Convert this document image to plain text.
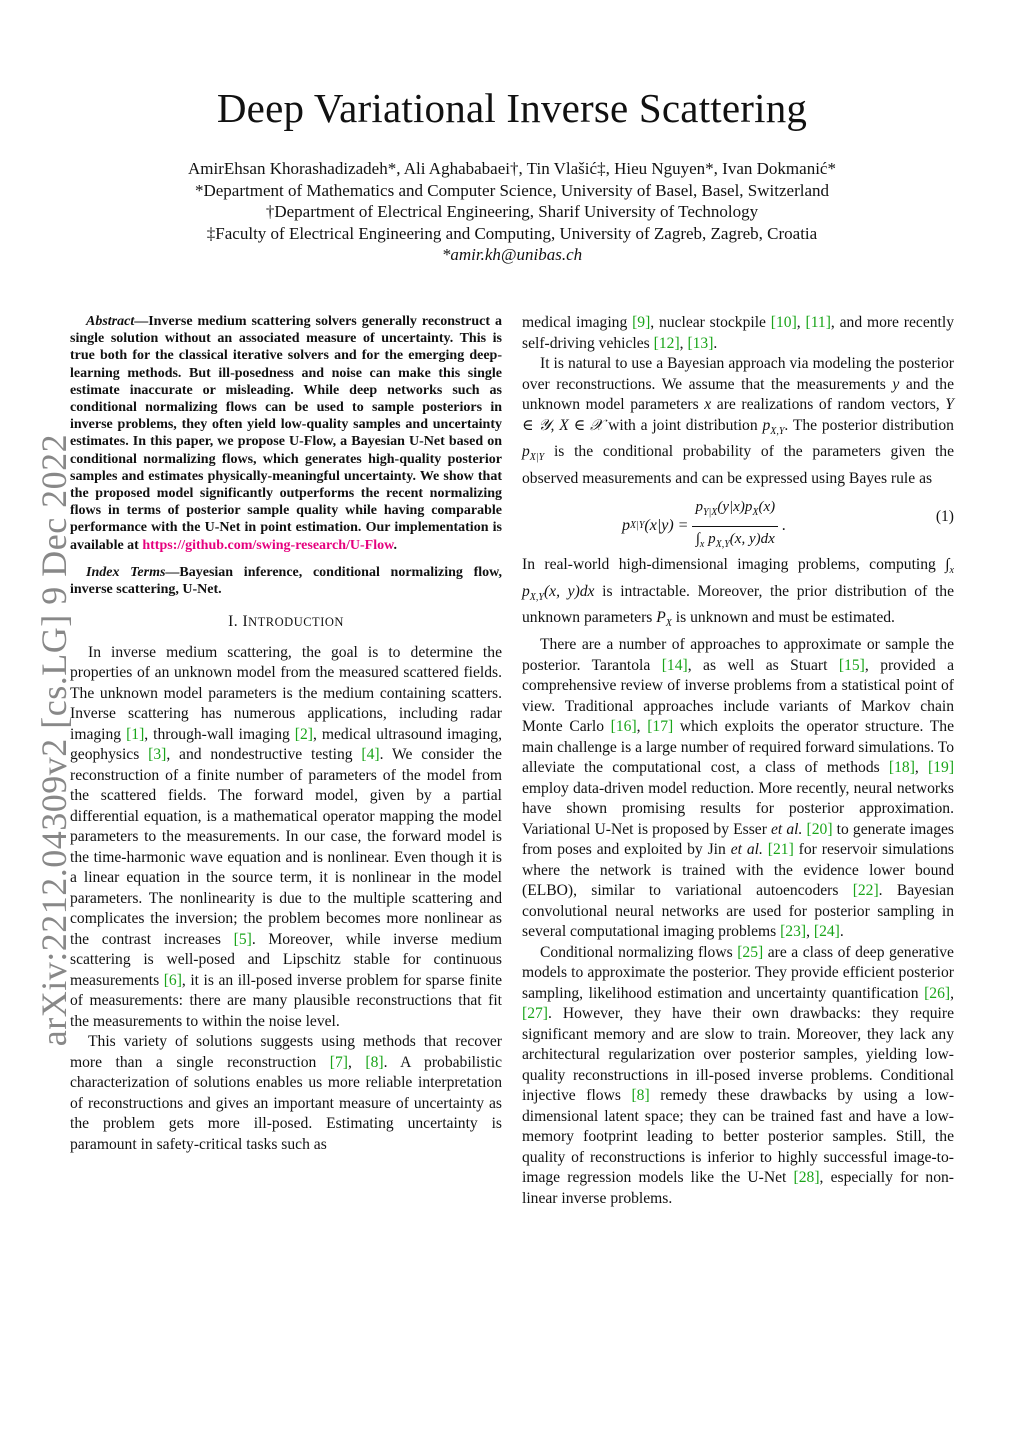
Deep Variational Inverse Scattering

AmirEhsan Khorashadizadeh*, Ali Aghababaei†, Tin Vlašić‡, Hieu Nguyen*, Ivan Dokmanić*

*Department of Mathematics and Computer Science, University of Basel, Basel, Switzerland

†Department of Electrical Engineering, Sharif University of Technology

‡Faculty of Electrical Engineering and Computing, University of Zagreb, Zagreb, Croatia

*amir.kh@unibas.ch

arXiv:2212.04309v2 [cs.LG] 9 Dec 2022

Abstract—Inverse medium scattering solvers generally reconstruct a single solution without an associated measure of uncertainty. This is true both for the classical iterative solvers and for the emerging deep-learning methods. But ill-posedness and noise can make this single estimate inaccurate or misleading. While deep networks such as conditional normalizing flows can be used to sample posteriors in inverse problems, they often yield low-quality samples and uncertainty estimates. In this paper, we propose U-Flow, a Bayesian U-Net based on conditional normalizing flows, which generates high-quality posterior samples and estimates physically-meaningful uncertainty. We show that the proposed model significantly outperforms the recent normalizing flows in terms of posterior sample quality while having comparable performance with the U-Net in point estimation. Our implementation is available at https://github.com/swing-research/U-Flow.

Index Terms—Bayesian inference, conditional normalizing flow, inverse scattering, U-Net.

I. INTRODUCTION

In inverse medium scattering, the goal is to determine the properties of an unknown model from the measured scattered fields. The unknown model parameters is the medium containing scatters. Inverse scattering has numerous applications, including radar imaging [1], through-wall imaging [2], medical ultrasound imaging, geophysics [3], and nondestructive testing [4]. We consider the reconstruction of a finite number of parameters of the model from the scattered fields. The forward model, given by a partial differential equation, is a mathematical operator mapping the model parameters to the measurements. In our case, the forward model is the time-harmonic wave equation and is nonlinear. Even though it is a linear equation in the source term, it is nonlinear in the model parameters. The nonlinearity is due to the multiple scattering and complicates the inversion; the problem becomes more nonlinear as the contrast increases [5]. Moreover, while inverse medium scattering is well-posed and Lipschitz stable for continuous measurements [6], it is an ill-posed inverse problem for sparse finite of measurements: there are many plausible reconstructions that fit the measurements to within the noise level.

This variety of solutions suggests using methods that recover more than a single reconstruction [7], [8]. A probabilistic characterization of solutions enables us more reliable interpretation of reconstructions and gives an important measure of uncertainty as the problem gets more ill-posed. Estimating uncertainty is paramount in safety-critical tasks such as

medical imaging [9], nuclear stockpile [10], [11], and more recently self-driving vehicles [12], [13].

It is natural to use a Bayesian approach via modeling the posterior over reconstructions. We assume that the measurements y and the unknown model parameters x are realizations of random vectors, Y ∈ 𝒴, X ∈ 𝒳 with a joint distribution $p_{X,Y}$. The posterior distribution $p_{X|Y}$ is the conditional probability of the parameters given the observed measurements and can be expressed using Bayes rule as

p X|Y $(x|y) = \frac{p_{Y|X}(y|x)p_X(x)}{\int_x p_{X,Y}(x, y)dx}$ .
(1)

In real-world high-dimensional imaging problems, computing $\int_x$ $p_{X,Y}(x$, y)dx is intractable. Moreover, the prior distribution of the unknown parameters $P_X$ is unknown and must be estimated.

There are a number of approaches to approximate or sample the posterior. Tarantola [14], as well as Stuart [15], provided a comprehensive review of inverse problems from a statistical point of view. Traditional approaches include variants of Markov chain Monte Carlo [16], [17] which exploits the operator structure. The main challenge is a large number of required forward simulations. To alleviate the computational cost, a class of methods [18], [19] employ data-driven model reduction. More recently, neural networks have shown promising results for posterior approximation. Variational U-Net is proposed by Esser et al. [20] to generate images from poses and exploited by Jin et al. [21] for reservoir simulations where the network is trained with the evidence lower bound (ELBO), similar to variational autoencoders [22]. Bayesian convolutional neural networks are used for posterior sampling in several computational imaging problems [23], [24].

Conditional normalizing flows [25] are a class of deep generative models to approximate the posterior. They provide efficient posterior sampling, likelihood estimation and uncertainty quantification [26], [27]. However, they have their own drawbacks: they require significant memory and are slow to train. Moreover, they lack any architectural regularization over posterior samples, yielding low-quality reconstructions in ill-posed inverse problems. Conditional injective flows [8] remedy these drawbacks by using a low-dimensional latent space; they can be trained fast and have a low-memory footprint leading to better posterior samples. Still, the quality of reconstructions is inferior to highly successful image-to-image regression models like the U-Net [28], especially for non-linear inverse problems.
